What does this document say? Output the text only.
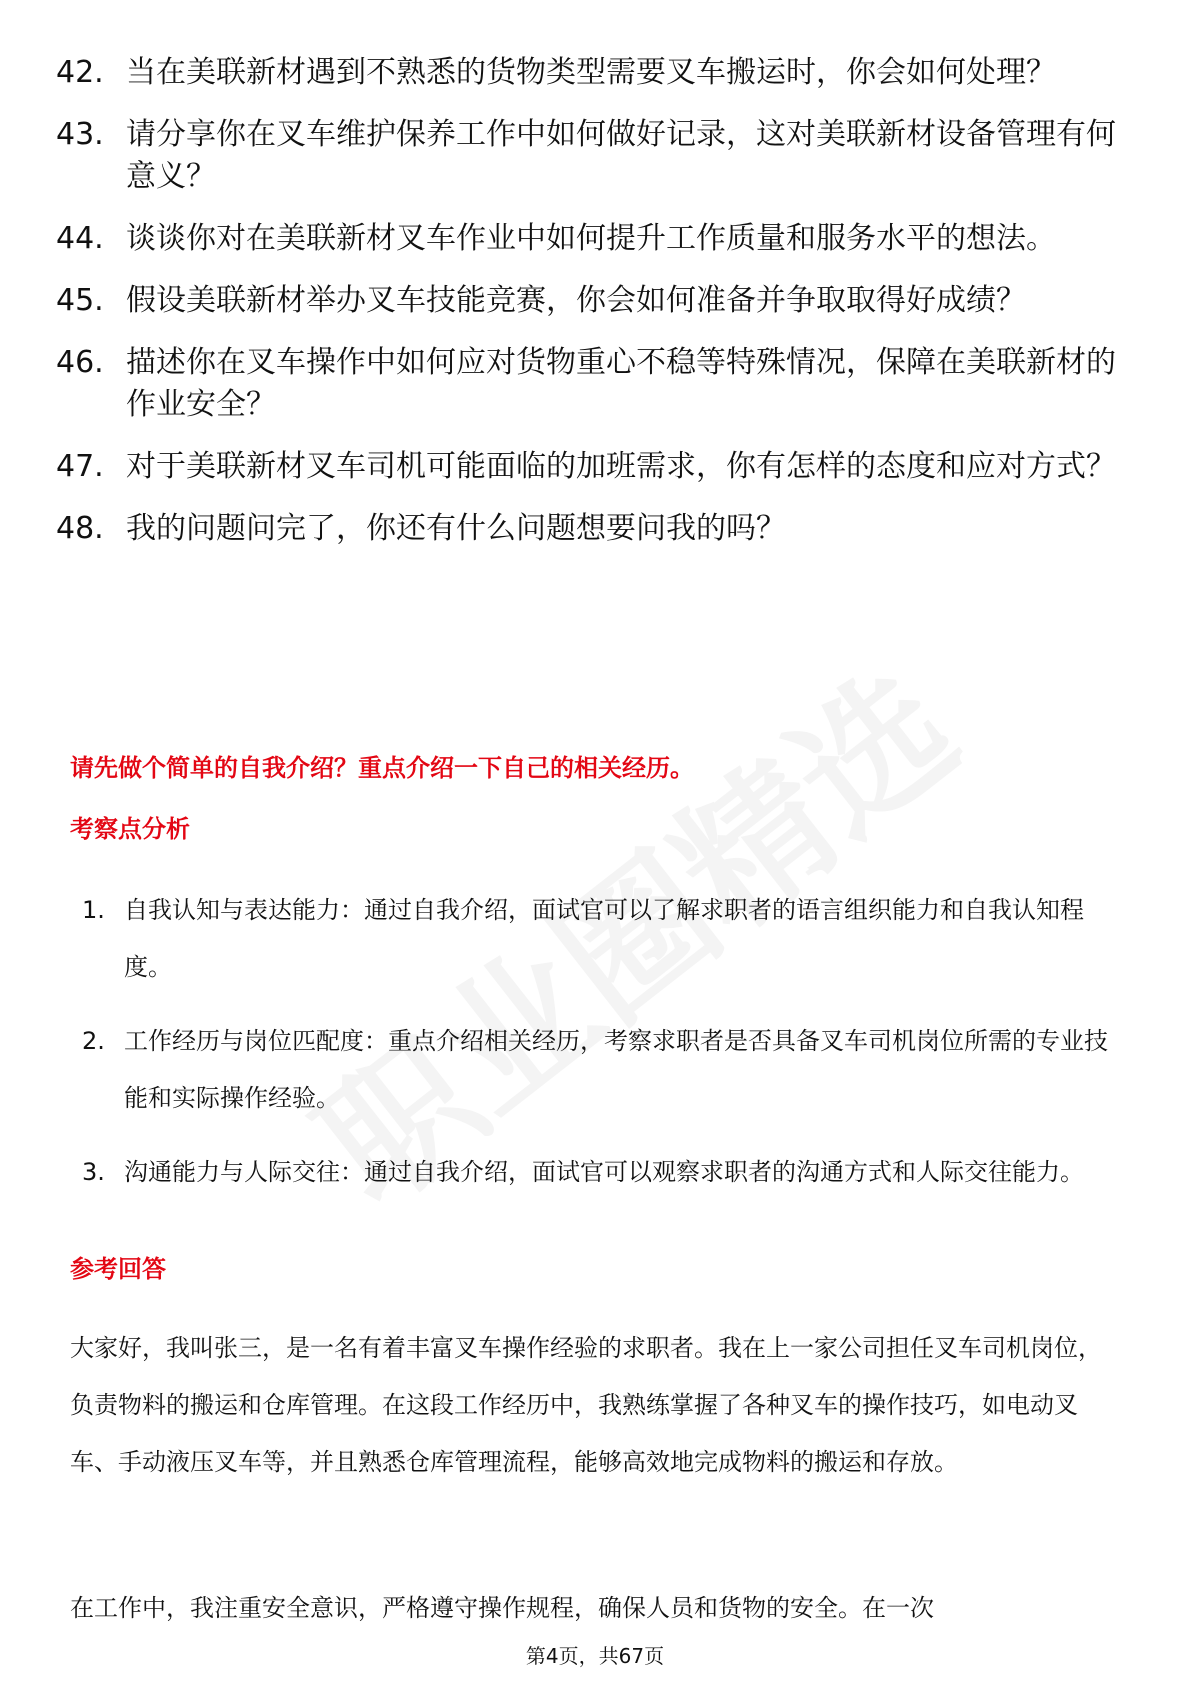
42. 当在美联新材遇到不熟悉的货物类型需要叉车搬运时，你会如何处理？
43. 请分享你在叉车维护保养工作中如何做好记录，这对美联新材设备管理有何意义？
44. 谈谈你对在美联新材叉车作业中如何提升工作质量和服务水平的想法。
45. 假设美联新材举办叉车技能竞赛，你会如何准备并争取取得好成绩？
46. 描述你在叉车操作中如何应对货物重心不稳等特殊情况，保障在美联新材的作业安全？
47. 对于美联新材叉车司机可能面临的加班需求，你有怎样的态度和应对方式？
48. 我的问题问完了，你还有什么问题想要问我的吗？
请先做个简单的自我介绍？重点介绍一下自己的相关经历。
考察点分析
1. 自我认知与表达能力：通过自我介绍，面试官可以了解求职者的语言组织能力和自我认知程度。
2. 工作经历与岗位匹配度：重点介绍相关经历，考察求职者是否具备叉车司机岗位所需的专业技能和实际操作经验。
3. 沟通能力与人际交往：通过自我介绍，面试官可以观察求职者的沟通方式和人际交往能力。
参考回答

大家好，我叫张三，是一名有着丰富叉车操作经验的求职者。我在上一家公司担任叉车司机岗位，负责物料的搬运和仓库管理。在这段工作经历中，我熟练掌握了各种叉车的操作技巧，如电动叉车、手动液压叉车等，并且熟悉仓库管理流程，能够高效地完成物料的搬运和存放。

在工作中，我注重安全意识，严格遵守操作规程，确保人员和货物的安全。在一次

第4页，共67页
